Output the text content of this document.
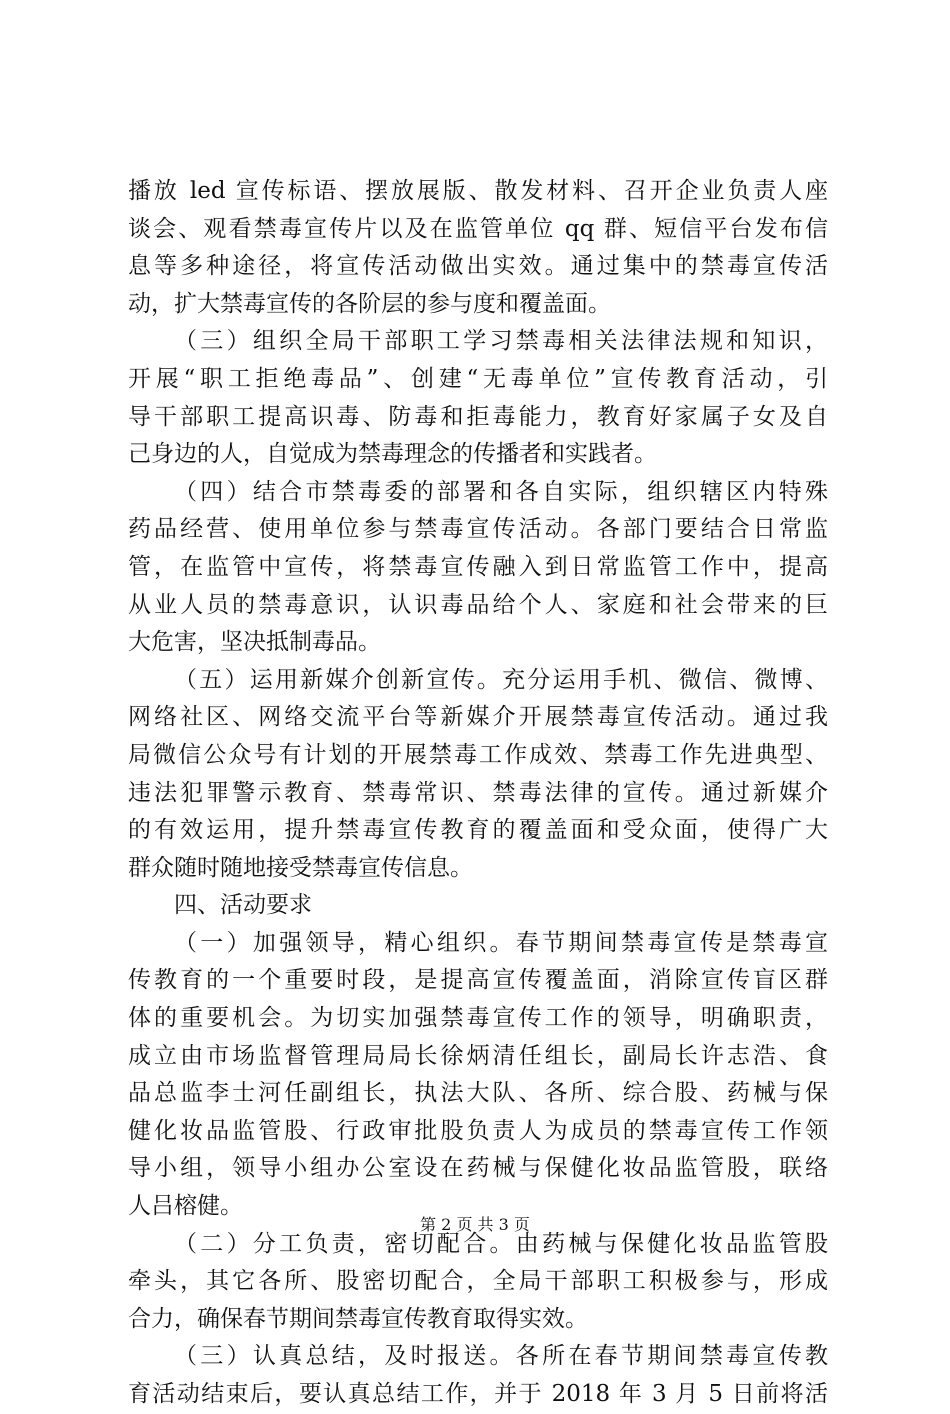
播放 led 宣传标语、摆放展版、散发材料、召开企业负责人座
谈会、观看禁毒宣传片以及在监管单位 qq 群、短信平台发布信
息等多种途径，将宣传活动做出实效。通过集中的禁毒宣传活
动，扩大禁毒宣传的各阶层的参与度和覆盖面。
（三）组织全局干部职工学习禁毒相关法律法规和知识，
开展“职工拒绝毒品”、创建“无毒单位”宣传教育活动，引
导干部职工提高识毒、防毒和拒毒能力，教育好家属子女及自
己身边的人，自觉成为禁毒理念的传播者和实践者。
（四）结合市禁毒委的部署和各自实际，组织辖区内特殊
药品经营、使用单位参与禁毒宣传活动。各部门要结合日常监
管，在监管中宣传，将禁毒宣传融入到日常监管工作中，提高
从业人员的禁毒意识，认识毒品给个人、家庭和社会带来的巨
大危害，坚决抵制毒品。
（五）运用新媒介创新宣传。充分运用手机、微信、微博、
网络社区、网络交流平台等新媒介开展禁毒宣传活动。通过我
局微信公众号有计划的开展禁毒工作成效、禁毒工作先进典型、
违法犯罪警示教育、禁毒常识、禁毒法律的宣传。通过新媒介
的有效运用，提升禁毒宣传教育的覆盖面和受众面，使得广大
群众随时随地接受禁毒宣传信息。
四、活动要求
（一）加强领导，精心组织。春节期间禁毒宣传是禁毒宣
传教育的一个重要时段，是提高宣传覆盖面，消除宣传盲区群
体的重要机会。为切实加强禁毒宣传工作的领导，明确职责，
成立由市场监督管理局局长徐炳清任组长，副局长许志浩、食
品总监李士河任副组长，执法大队、各所、综合股、药械与保
健化妆品监管股、行政审批股负责人为成员的禁毒宣传工作领
导小组，领导小组办公室设在药械与保健化妆品监管股，联络
人吕榕健。
（二）分工负责，密切配合。由药械与保健化妆品监管股
牵头，其它各所、股密切配合，全局干部职工积极参与，形成
合力，确保春节期间禁毒宣传教育取得实效。
（三）认真总结，及时报送。各所在春节期间禁毒宣传教
育活动结束后，要认真总结工作，并于 2018 年 3 月 5 日前将活
第 2 页 共 3 页
